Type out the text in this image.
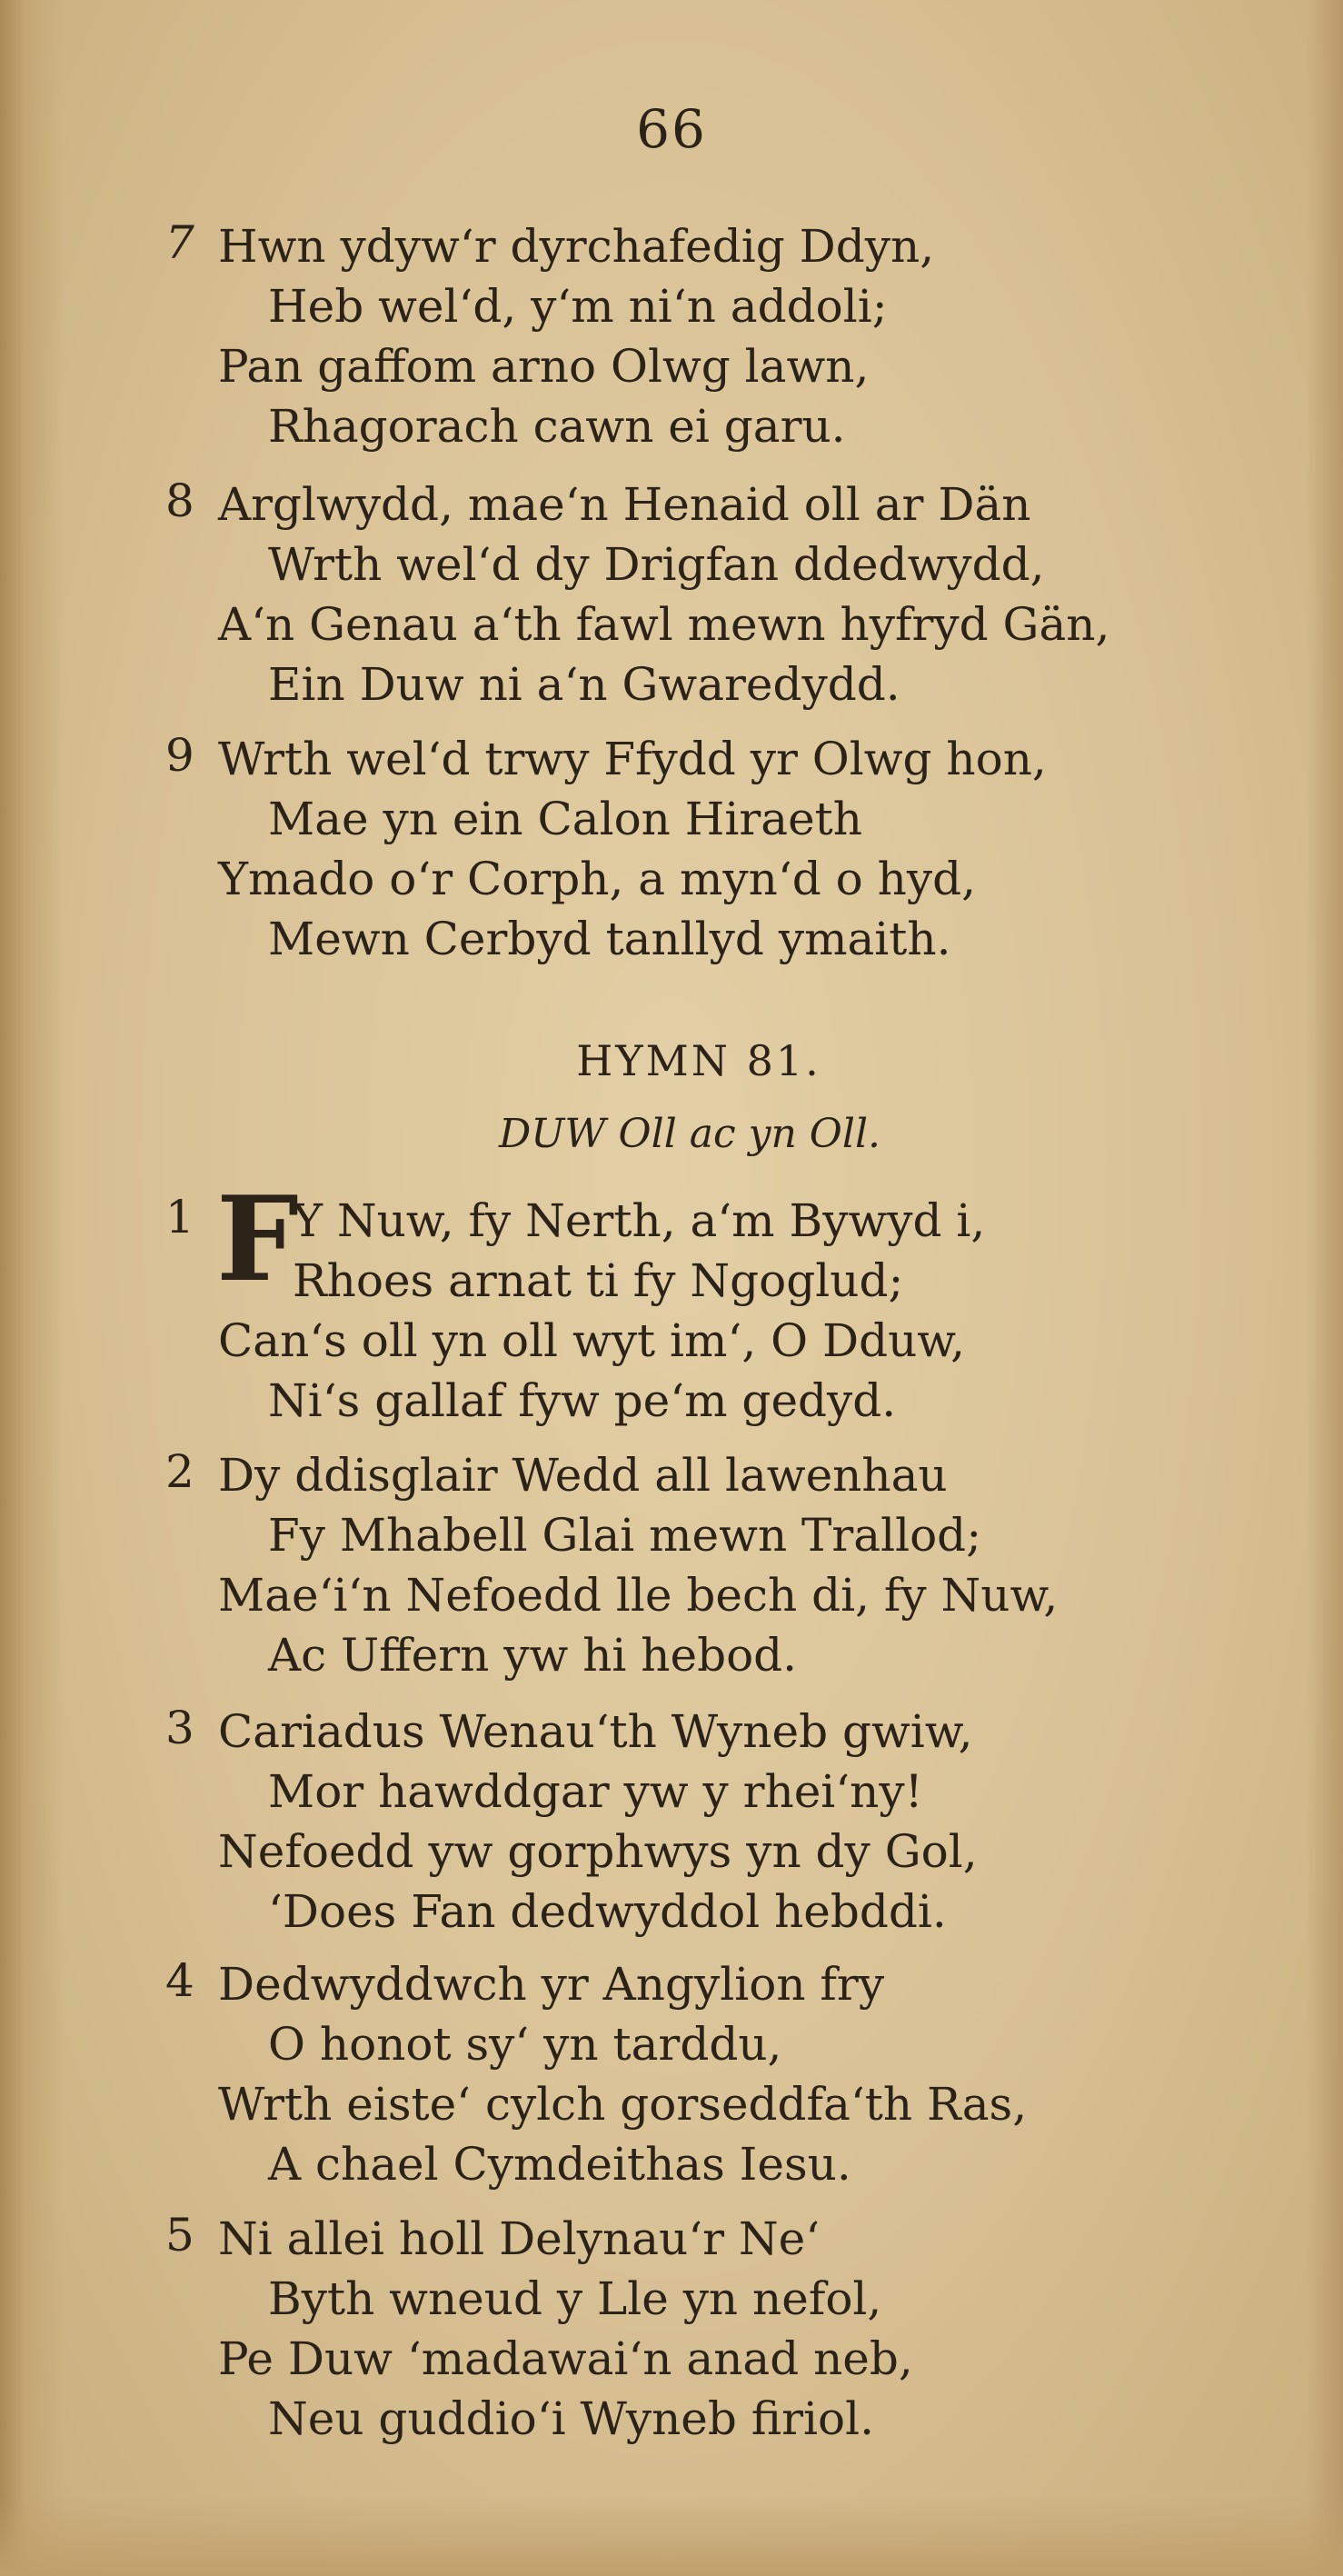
66
7 Hwn ydyw‘r dyrchafedig Ddyn,
Heb wel‘d, y‘m ni‘n addoli;
Pan gaffom arno Olwg lawn,
Rhagorach cawn ei garu.
8 Arglwydd, mae‘n Henaid oll ar Dän
Wrth wel‘d dy Drigfan ddedwydd,
A‘n Genau a‘th fawl mewn hyfryd Gän,
Ein Duw ni a‘n Gwaredydd.
9 Wrth wel‘d trwy Ffydd yr Olwg hon,
Mae yn ein Calon Hiraeth
Ymado o‘r Corph, a myn‘d o hyd,
Mewn Cerbyd tanllyd ymaith.
HYMN 81.
DUW Oll ac yn Oll.
1 Y Nuw, fy Nerth, a‘m Bywyd i,
Rhoes arnat ti fy Ngoglud;
Can‘s oll yn oll wyt im‘, O Dduw,
Ni‘s gallaf fyw pe‘m gedyd.
F
2 Dy ddisglair Wedd all lawenhau
Fy Mhabell Glai mewn Trallod;
Mae‘i‘n Nefoedd lle bech di, fy Nuw,
Ac Uffern yw hi hebod.
3 Cariadus Wenau‘th Wyneb gwiw,
Mor hawddgar yw y rhei‘ny!
Nefoedd yw gorphwys yn dy Gol,
‘Does Fan dedwyddol hebddi.
4 Dedwyddwch yr Angylion fry
O honot sy‘ yn tarddu,
Wrth eiste‘ cylch gorseddfa‘th Ras,
A chael Cymdeithas Iesu.
5 Ni allei holl Delynau‘r Ne‘
Byth wneud y Lle yn nefol,
Pe Duw ‘madawai‘n anad neb,
Neu guddio‘i Wyneb firiol.
